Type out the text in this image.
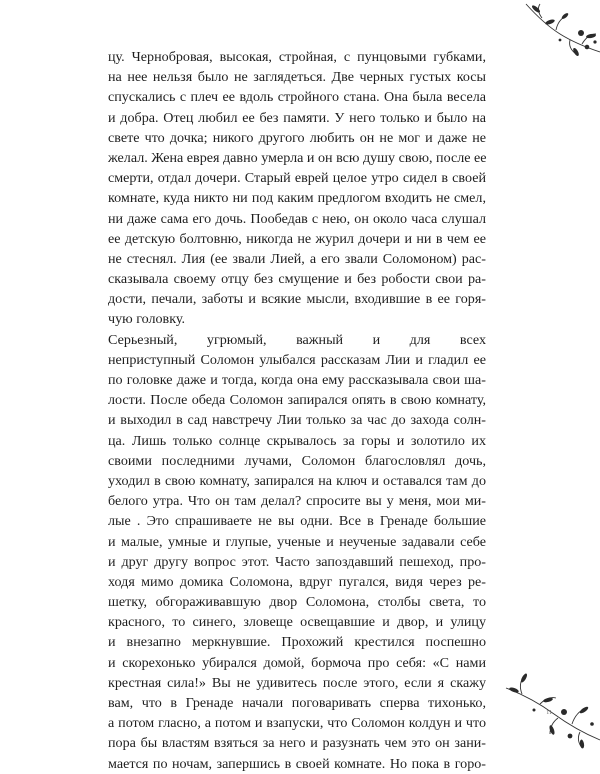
цу. Чернобровая, высокая, стройная, с пунцовыми губками,
на нее нельзя было не заглядеться. Две черных густых косы
спускались с плеч ее вдоль стройного стана. Она была весела
и добра. Отец любил ее без памяти. У него только и было на
свете что дочка; никого другого любить он не мог и даже не
желал. Жена еврея давно умерла и он всю душу свою, после ее
смерти, отдал дочери. Старый еврей целое утро сидел в своей
комнате, куда никто ни под каким предлогом входить не смел,
ни даже сама его дочь. Пообедав с нею, он около часа слушал
ее детскую болтовню, никогда не журил дочери и ни в чем ее
не стеснял. Лия (ее звали Лией, а его звали Соломоном) рас-
сказывала своему отцу без смущение и без робости свои ра-
дости, печали, заботы и всякие мысли, входившие в ее горя-
чую головку.
Серьезный, угрюмый, важный и для всех
неприступный Соломон улыбался рассказам Лии и гладил ее
по головке даже и тогда, когда она ему рассказывала свои ша-
лости. После обеда Соломон запирался опять в свою комнату,
и выходил в сад навстречу Лии только за час до захода солн-
ца. Лишь только солнце скрывалось за горы и золотило их
своими последними лучами, Соломон благословлял дочь,
уходил в свою комнату, запирался на ключ и оставался там до
белого утра. Что он там делал? спросите вы у меня, мои ми-
лые . Это спрашиваете не вы одни. Все в Гренаде большие
и малые, умные и глупые, ученые и неученые задавали себе
и друг другу вопрос этот. Часто запоздавший пешеход, про-
ходя мимо домика Соломона, вдруг пугался, видя через ре-
шетку, обгораживавшую двор Соломона, столбы света, то
красного, то синего, зловеще освещавшие и двор, и улицу
и внезапно меркнувшие. Прохожий крестился поспешно
и скорехонько убирался домой, бормоча про себя: «С нами
крестная сила!» Вы не удивитесь после этого, если я скажу
вам, что в Гренаде начали поговаривать сперва тихонько,
а потом гласно, а потом и взапуски, что Соломон колдун и что
пора бы властям взяться за него и разузнать чем это он зани-
мается по ночам, запершись в своей комнате. Но пока в горо-
11
